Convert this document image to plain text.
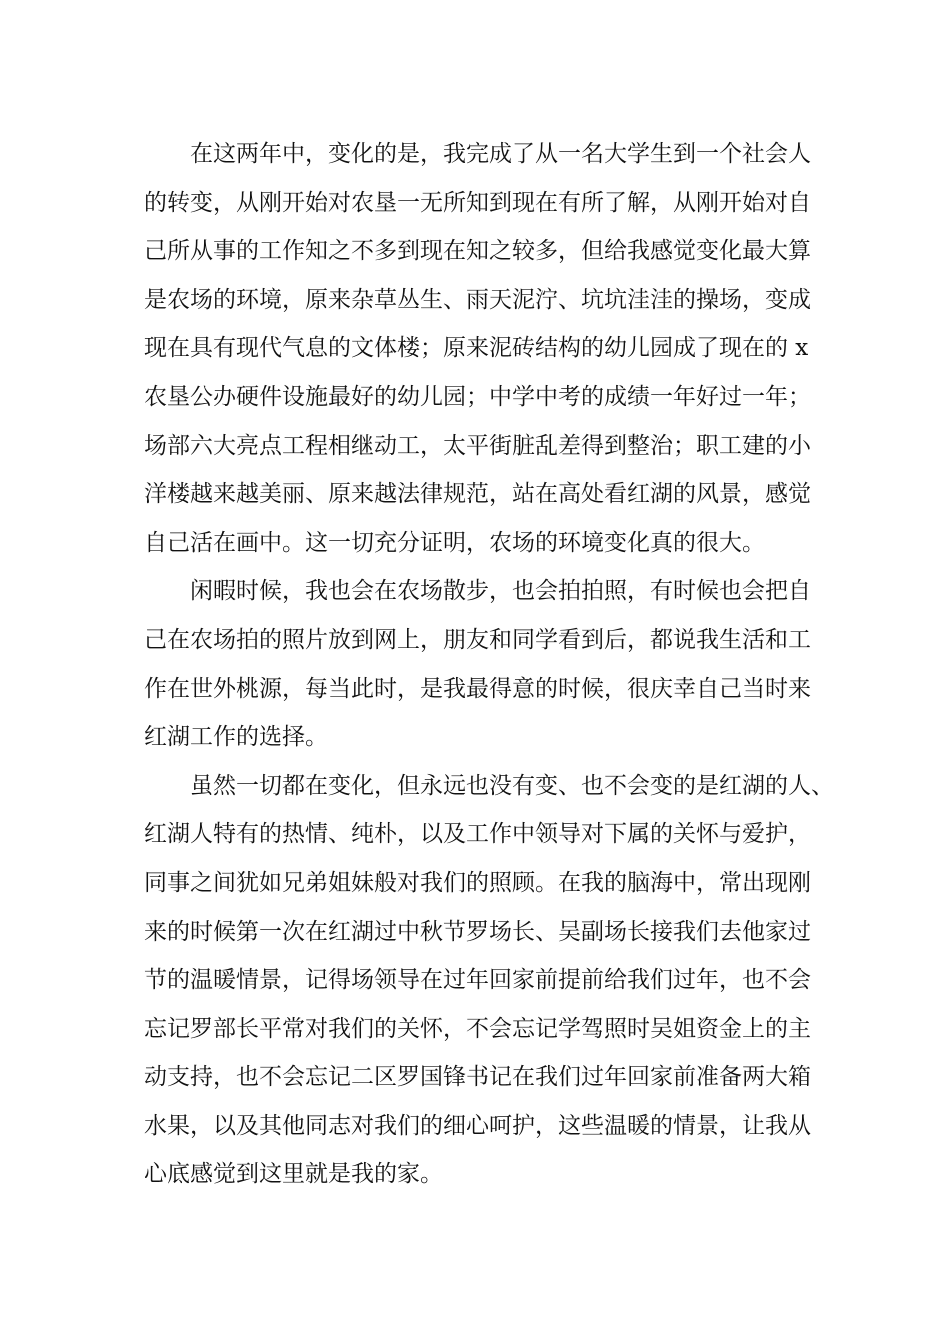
在这两年中，变化的是，我完成了从一名大学生到一个社会人
的转变，从刚开始对农垦一无所知到现在有所了解，从刚开始对自
己所从事的工作知之不多到现在知之较多，但给我感觉变化最大算
是农场的环境，原来杂草丛生、雨天泥泞、坑坑洼洼的操场，变成
现在具有现代气息的文体楼；原来泥砖结构的幼儿园成了现在的 x
农垦公办硬件设施最好的幼儿园；中学中考的成绩一年好过一年；
场部六大亮点工程相继动工，太平街脏乱差得到整治；职工建的小
洋楼越来越美丽、原来越法律规范，站在高处看红湖的风景，感觉
自己活在画中。这一切充分证明，农场的环境变化真的很大。
闲暇时候，我也会在农场散步，也会拍拍照，有时候也会把自
己在农场拍的照片放到网上，朋友和同学看到后，都说我生活和工
作在世外桃源，每当此时，是我最得意的时候，很庆幸自己当时来
红湖工作的选择。
虽然一切都在变化，但永远也没有变、也不会变的是红湖的人、
红湖人特有的热情、纯朴，以及工作中领导对下属的关怀与爱护，
同事之间犹如兄弟姐妹般对我们的照顾。在我的脑海中，常出现刚
来的时候第一次在红湖过中秋节罗场长、吴副场长接我们去他家过
节的温暖情景，记得场领导在过年回家前提前给我们过年，也不会
忘记罗部长平常对我们的关怀，不会忘记学驾照时吴姐资金上的主
动支持，也不会忘记二区罗国锋书记在我们过年回家前准备两大箱
水果，以及其他同志对我们的细心呵护，这些温暖的情景，让我从
心底感觉到这里就是我的家。
